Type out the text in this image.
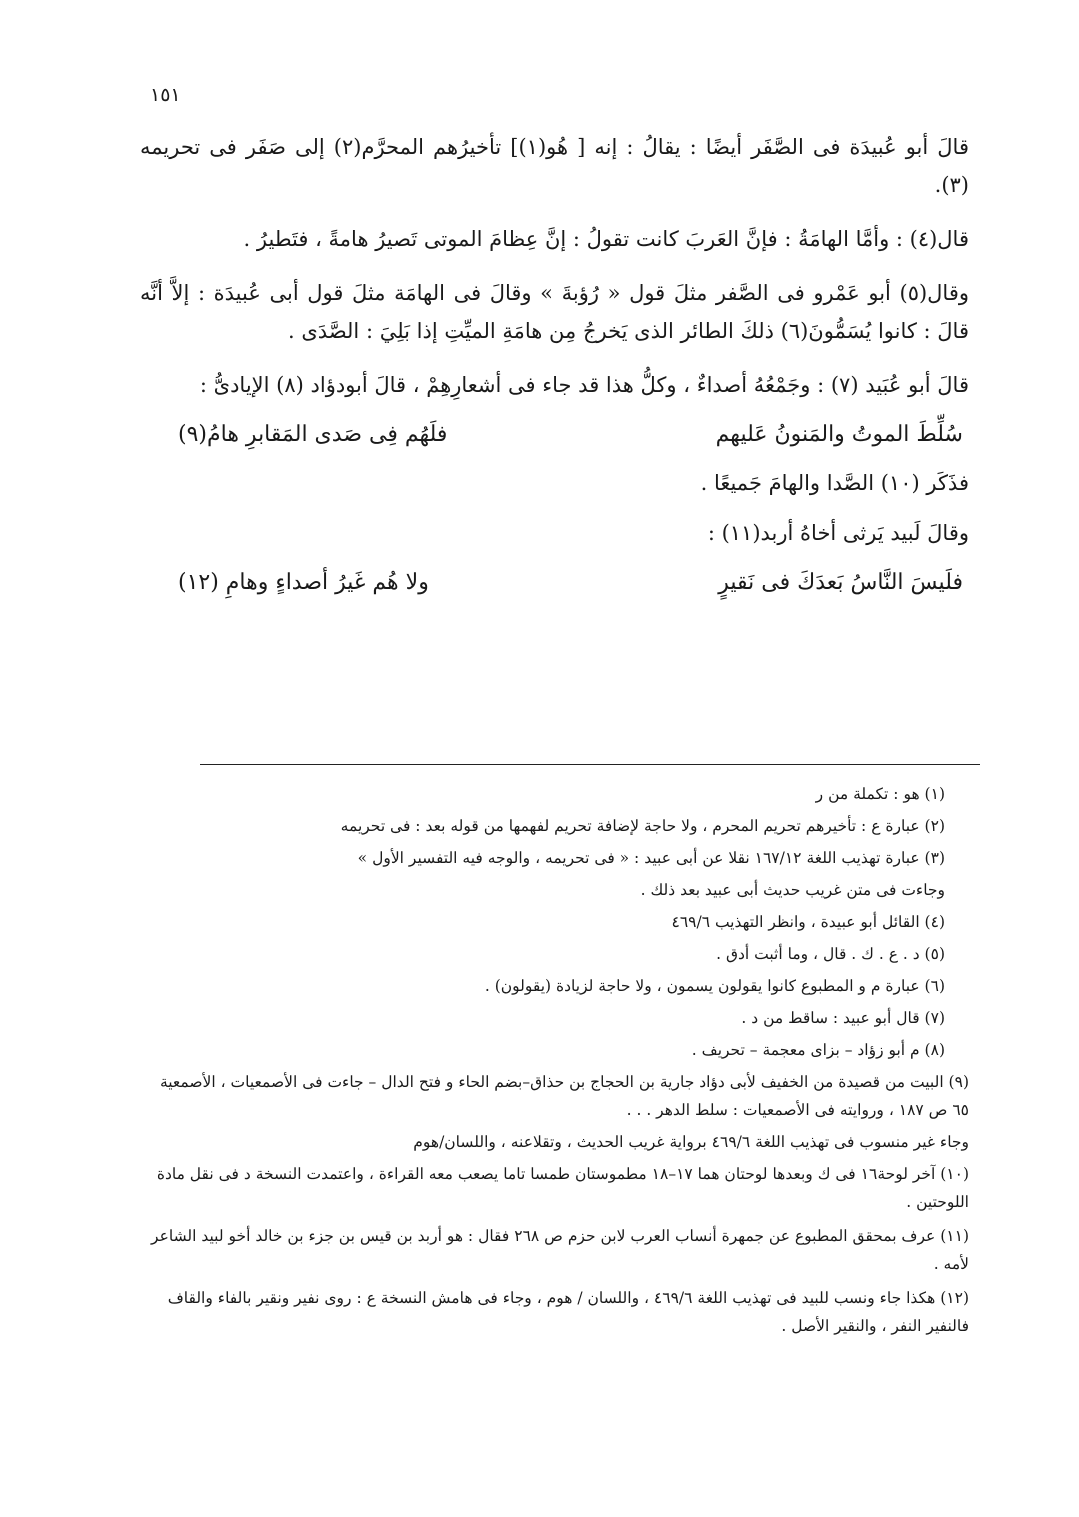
١٥١

قالَ أبو عُبيدَة فى الصَّفَر أيضًا : يقالُ : إنه [ هُو(١)] تأخيرُهم المحرَّم(٢) إلى صَفَر فى تحريمه (٣).

قال(٤) : وأمَّا الهامَةُ : فإنَّ العَربَ كانت تقولُ : إنَّ عِظامَ الموتى تَصيرُ هامةً ، فتَطيرُ .

وقال(٥) أبو عَمْرو فى الصَّفر مثلَ قول « رُؤبةَ » وقالَ فى الهامَة مثلَ قول أبى عُبيدَة : إلاَّ أنَّه قالَ : كانوا يُسَمُّونَ(٦) ذلكَ الطائر الذى يَخرجُ مِن هامَةِ الميِّتِ إذا بَلِيَ : الصَّدَى .

قالَ أبو عُبَيد (٧) : وجَمْعُهُ أصداءٌ ، وكلُّ هذا قد جاء فى أشعارِهِمْ ، قالَ أبودؤاد (٨) الإيادىُّ :

سُلِّطَ الموتُ والمَنونُ عَليهم
فلَهُم فِى صَدى المَقابرِ هامُ(٩)

فذَكَر (١٠) الصَّدا والهامَ جَميعًا .

وقالَ لَبيد يَرثى أخاهُ أربد(١١) :

فلَيسَ النَّاسُ بَعدَكَ فى نَقيرٍ
ولا هُم غَيرُ أصداءٍ وهامِ (١٢)

(١) هو : تكملة من ر

(٢) عبارة ع : تأخيرهم تحريم المحرم ، ولا حاجة لإضافة تحريم لفهمها من قوله بعد : فى تحريمه

(٣) عبارة تهذيب اللغة ١٦٧/١٢ نقلا عن أبى عبيد : « فى تحريمه ، والوجه فيه التفسير الأول »

وجاءت فى متن غريب حديث أبى عبيد بعد ذلك .

(٤) القائل أبو عبيدة ، وانظر التهذيب ٤٦٩/٦

(٥) د . ع . ك . قال ، وما أثبت أدق .

(٦) عبارة م و المطبوع كانوا يقولون يسمون ، ولا حاجة لزيادة (يقولون) .

(٧) قال أبو عبيد : ساقط من د .

(٨) م أبو زؤاد – بزاى معجمة – تحريف .

(٩) البيت من قصيدة من الخفيف لأبى دؤاد جارية بن الحجاج بن حذاق–بضم الحاء و فتح الدال – جاءت فى الأصمعيات ، الأصمعية ٦٥ ص ١٨٧ ، وروايته فى الأصمعيات : سلط الدهر . . .

وجاء غير منسوب فى تهذيب اللغة ٤٦٩/٦ برواية غريب الحديث ، وتقلاعنه ، واللسان/هوم

(١٠) آخر لوحة١٦ فى ك وبعدها لوحتان هما ١٧–١٨ مطموستان طمسا تاما يصعب معه القراءة ، واعتمدت النسخة د فى نقل مادة اللوحتين .

(١١) عرف بمحقق المطبوع عن جمهرة أنساب العرب لابن حزم ص ٢٦٨ فقال : هو أربد بن قيس بن جزء بن خالد أخو لبيد الشاعر لأمه .

(١٢) هكذا جاء ونسب للبيد فى تهذيب اللغة ٤٦٩/٦ ، واللسان / هوم ، وجاء فى هامش النسخة ع : روى نفير ونقير بالفاء والقاف فالنفير النفر ، والنقير الأصل .
